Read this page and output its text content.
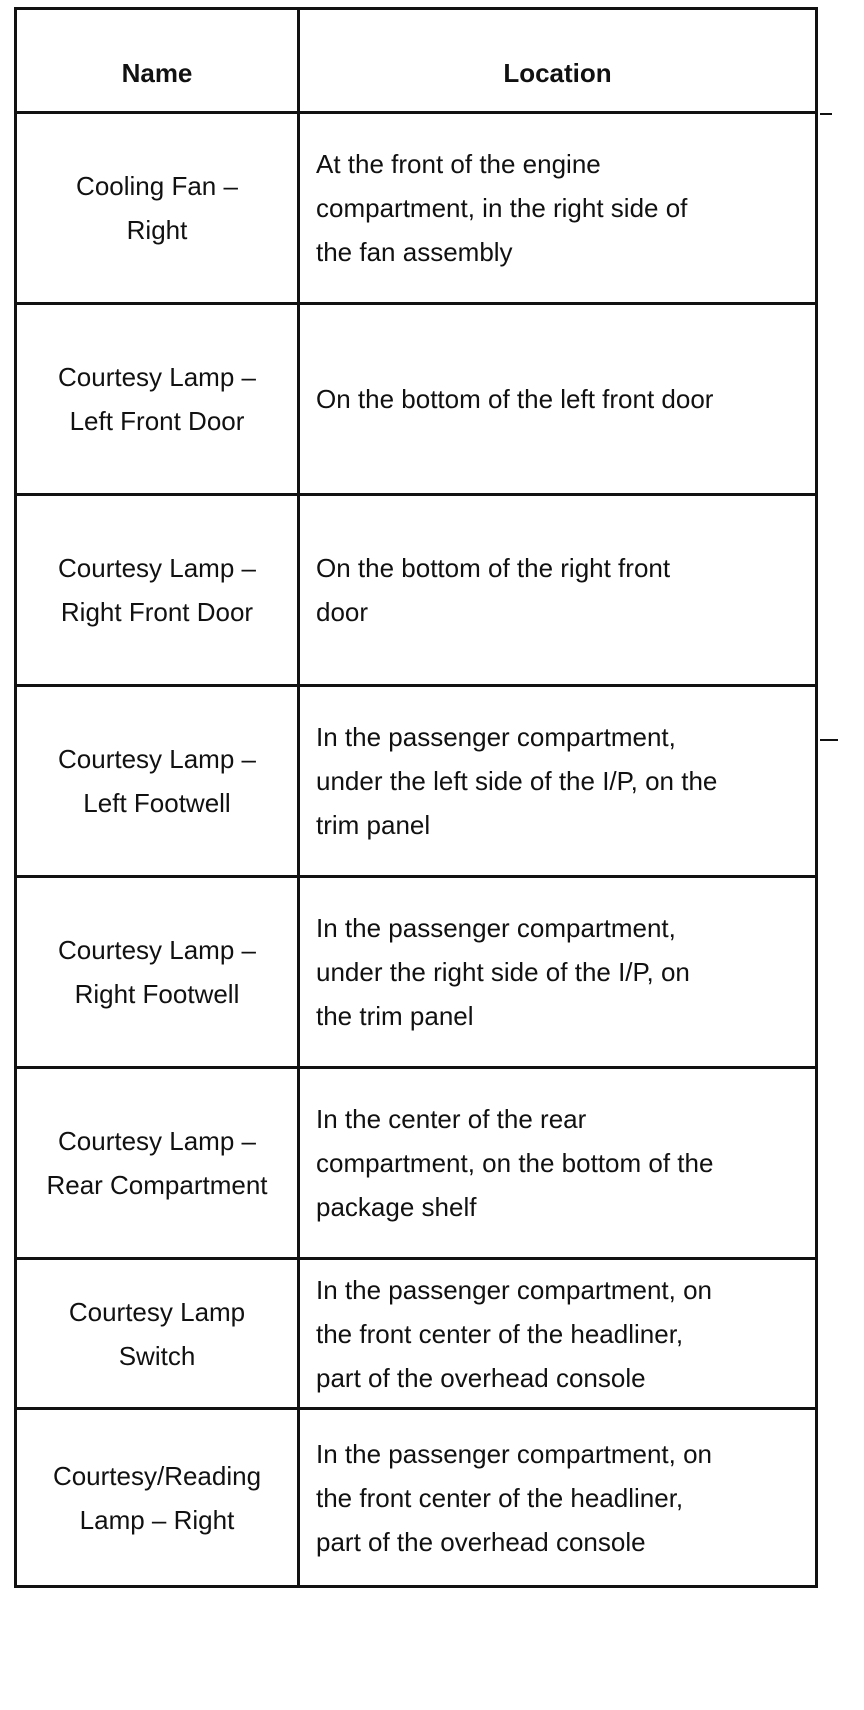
Name	Location

Cooling Fan –
Right	At the front of the engine
compartment, in the right side of
the fan assembly

Courtesy Lamp –
Left Front Door	On the bottom of the left front door

Courtesy Lamp –
Right Front Door	On the bottom of the right front
door

Courtesy Lamp –
Left Footwell	In the passenger compartment,
under the left side of the I/P, on the
trim panel

Courtesy Lamp –
Right Footwell	In the passenger compartment,
under the right side of the I/P, on
the trim panel

Courtesy Lamp –
Rear Compartment	In the center of the rear
compartment, on the bottom of the
package shelf

Courtesy Lamp
Switch	In the passenger compartment, on
the front center of the headliner,
part of the overhead console

Courtesy/Reading
Lamp – Right	In the passenger compartment, on
the front center of the headliner,
part of the overhead console
